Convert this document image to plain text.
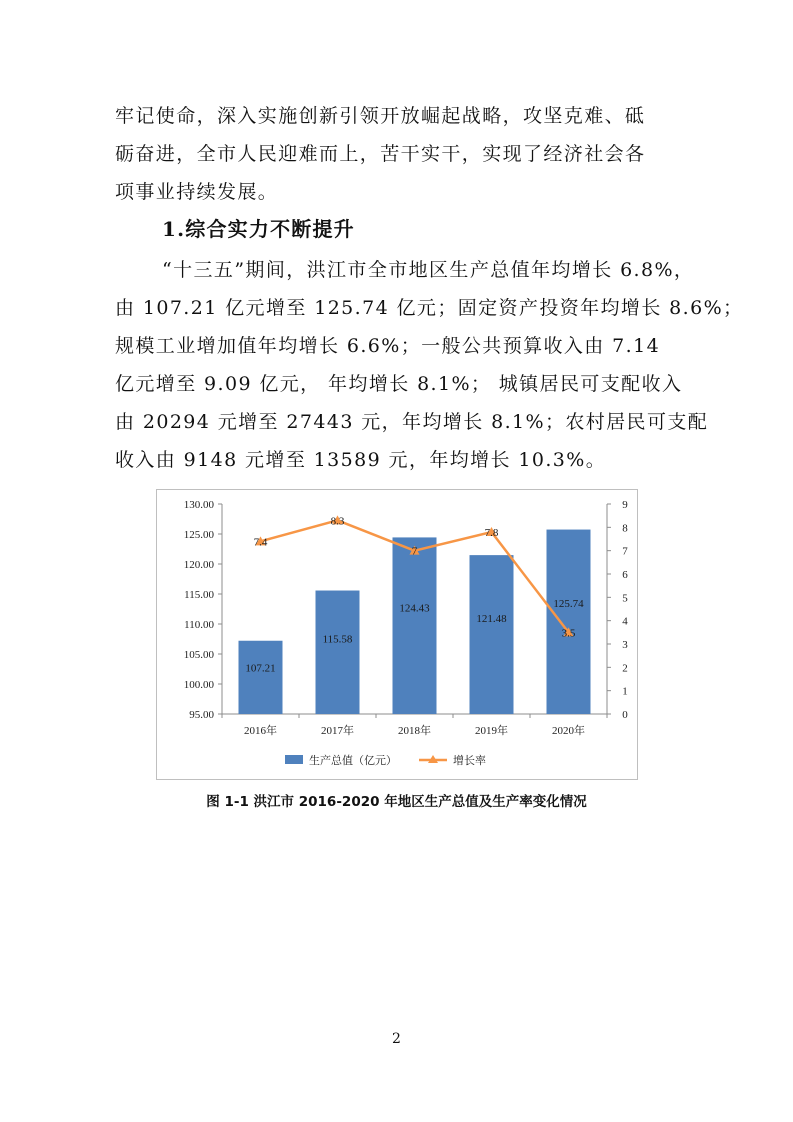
牢记使命，深入实施创新引领开放崛起战略，攻坚克难、砥
砺奋进，全市人民迎难而上，苦干实干，实现了经济社会各
项事业持续发展。
1.综合实力不断提升
“十三五”期间，洪江市全市地区生产总值年均增长 6.8%，
由 107.21 亿元增至 125.74 亿元；固定资产投资年均增长 8.6%；
规模工业增加值年均增长 6.6%；一般公共预算收入由 7.14
亿元增至 9.09 亿元， 年均增长 8.1%； 城镇居民可支配收入
由 20294 元增至 27443 元，年均增长 8.1%；农村居民可支配
收入由 9148 元增至 13589 元，年均增长 10.3%。
95.00
100.00
105.00
110.00
115.00
120.00
125.00
130.00
0
1
2
3
4
5
6
7
8
9
2016年	2017年	2018年	2019年	2020年
107.21
115.58
124.43
121.48
125.74
7.4
8.3
7
7.8
3.5
生产总值（亿元）	增长率
图 1-1 洪江市 2016-2020 年地区生产总值及生产率变化情况
2
